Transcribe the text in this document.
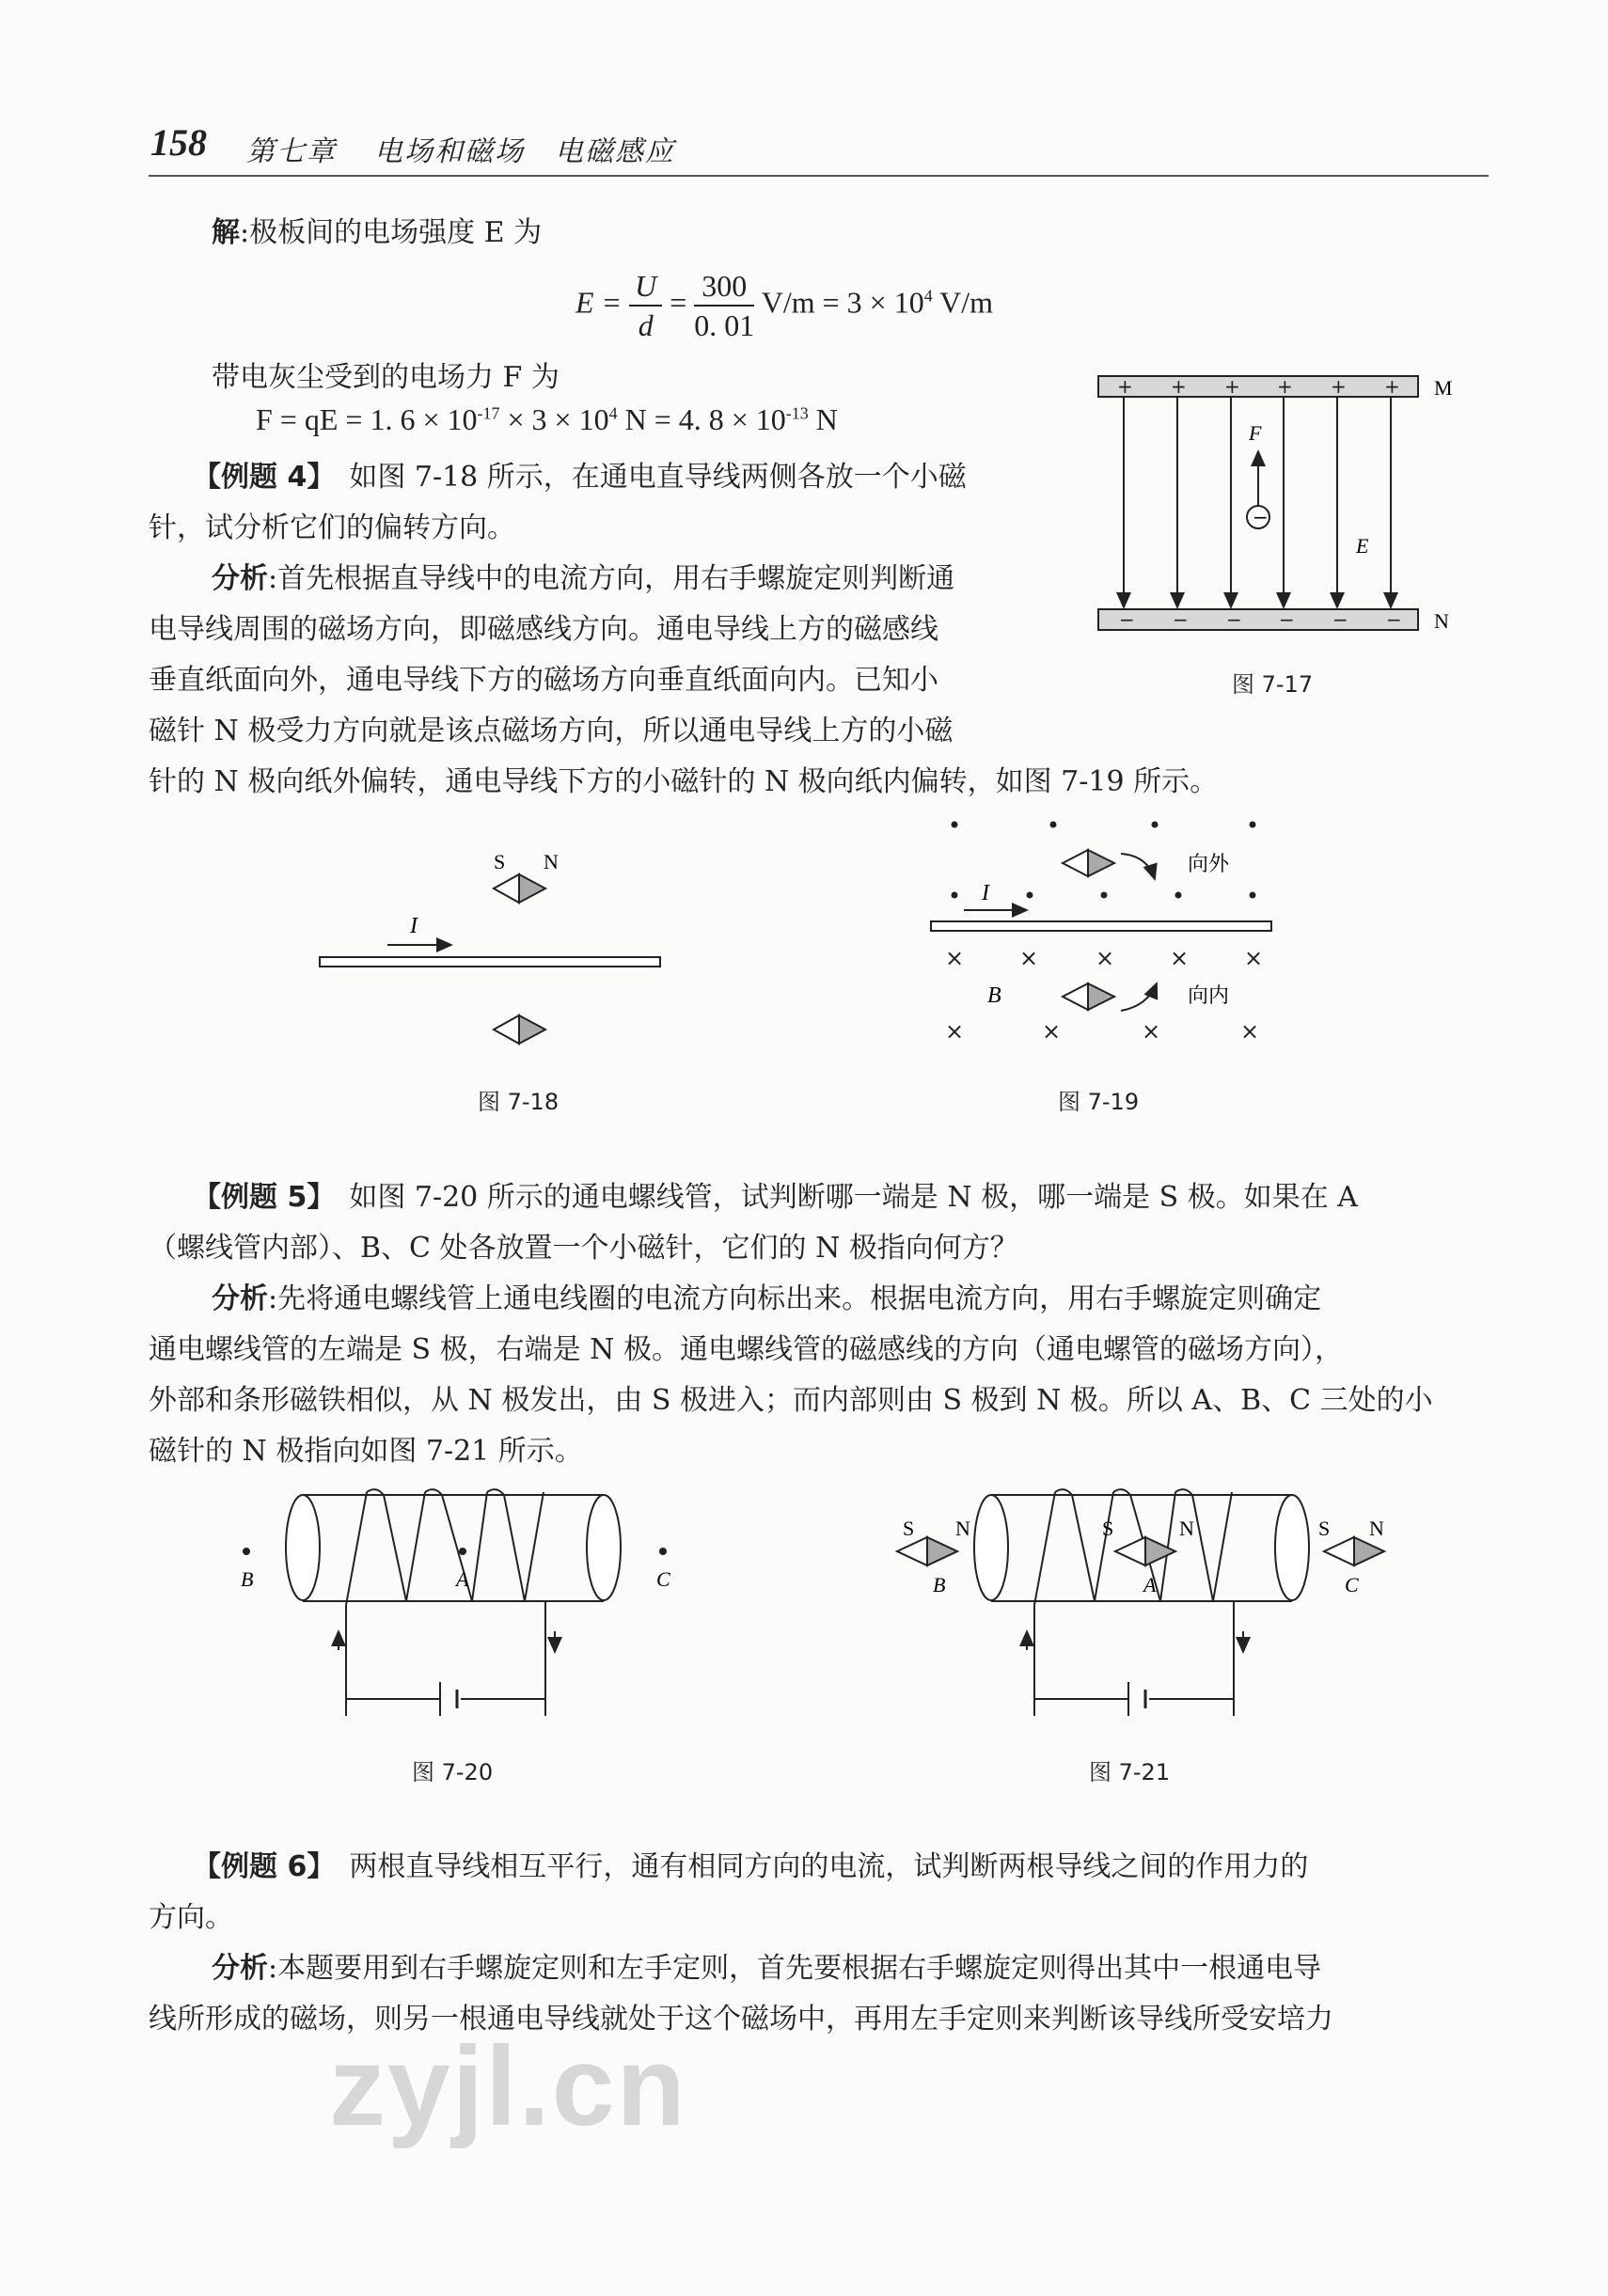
158 第七章 电场和磁场　电磁感应
解:极板间的电场强度 E 为
$E = \frac{U}{d} = \frac{300}{0. 01} V/m = 3 \times 10^4$ V/m
带电灰尘受到的电场力 F 为
F = qE = 1. $6 \times 10^{-17} \times 3 \times 10^4$ N = 4. $8 \times 10^{-13}$ N
【例题 4】　 如图 7-18 所示，在通电直导线两侧各放一个小磁
针，试分析它们的偏转方向。
分析:首先根据直导线中的电流方向，用右手螺旋定则判断通
电导线周围的磁场方向，即磁感线方向。通电导线上方的磁感线
垂直纸面向外，通电导线下方的磁场方向垂直纸面向内。已知小
磁针 N 极受力方向就是该点磁场方向，所以通电导线上方的小磁
针的 N 极向纸外偏转，通电导线下方的小磁针的 N 极向纸内偏转，如图 7-19 所示。
+ + + + + +
− − − − − −
−
F
E
M
N
图 7-17
S N
I
图 7-18
向外
I
× ×	× × ×
×	×	×	×
B	向内
图 7-19
【例题 5】　 如图 7-20 所示的通电螺线管，试判断哪一端是 N 极，哪一端是 S 极。如果在 A
（螺线管内部）、B、C 处各放置一个小磁针，它们的 N 极指向何方？
分析:先将通电螺线管上通电线圈的电流方向标出来。根据电流方向，用右手螺旋定则确定
通电螺线管的左端是 S 极，右端是 N 极。通电螺线管的磁感线的方向（通电螺管的磁场方向），
外部和条形磁铁相似，从 N 极发出，由 S 极进入；而内部则由 S 极到 N 极。所以 A、B、C 三处的小
磁针的 N 极指向如图 7-21 所示。
B	A	C
图 7-20
S N	S	N	S N
B	A	C
图 7-21
【例题 6】　 两根直导线相互平行，通有相同方向的电流，试判断两根导线之间的作用力的
方向。
分析:本题要用到右手螺旋定则和左手定则，首先要根据右手螺旋定则得出其中一根通电导
线所形成的磁场，则另一根通电导线就处于这个磁场中，再用左手定则来判断该导线所受安培力
zyjl.cn
